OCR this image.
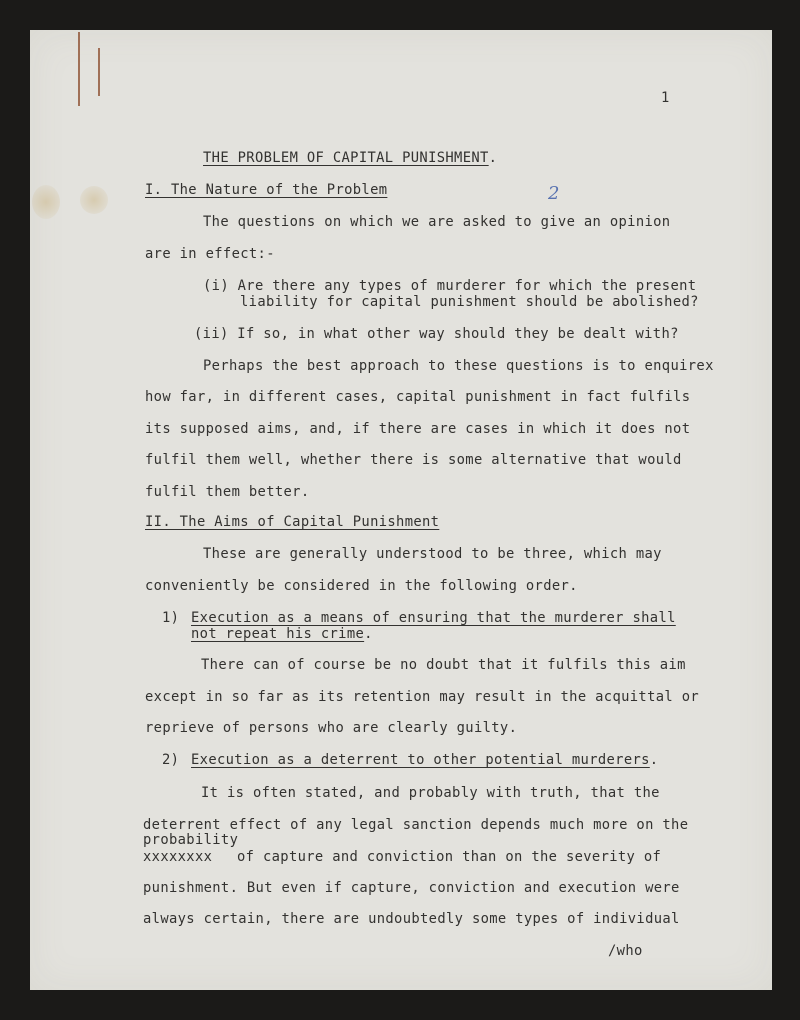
1

THE PROBLEM OF CAPITAL PUNISHMENT.

I. The Nature of the Problem	2

The questions on which we are asked to give an opinion

are in effect:-

(i) Are there any types of murderer for which the present

liability for capital punishment should be abolished?

(ii) If so, in what other way should they be dealt with?

Perhaps the best approach to these questions is to enquirex

how far, in different cases, capital punishment in fact fulfils

its supposed aims, and, if there are cases in which it does not

fulfil them well, whether there is some alternative that would

fulfil them better.

II. The Aims of Capital Punishment

These are generally understood to be three, which may

conveniently be considered in the following order.

1) Execution as a means of ensuring that the murderer shall

not repeat his crime.

There can of course be no doubt that it fulfils this aim

except in so far as its retention may result in the acquittal or

reprieve of persons who are clearly guilty.

2) Execution as a deterrent to other potential murderers.

It is often stated, and probably with truth, that the

deterrent effect of any legal sanction depends much more on the

probability

xxxxxxxx of capture and conviction than on the severity of

punishment. But even if capture, conviction and execution were

always certain, there are undoubtedly some types of individual

/who
